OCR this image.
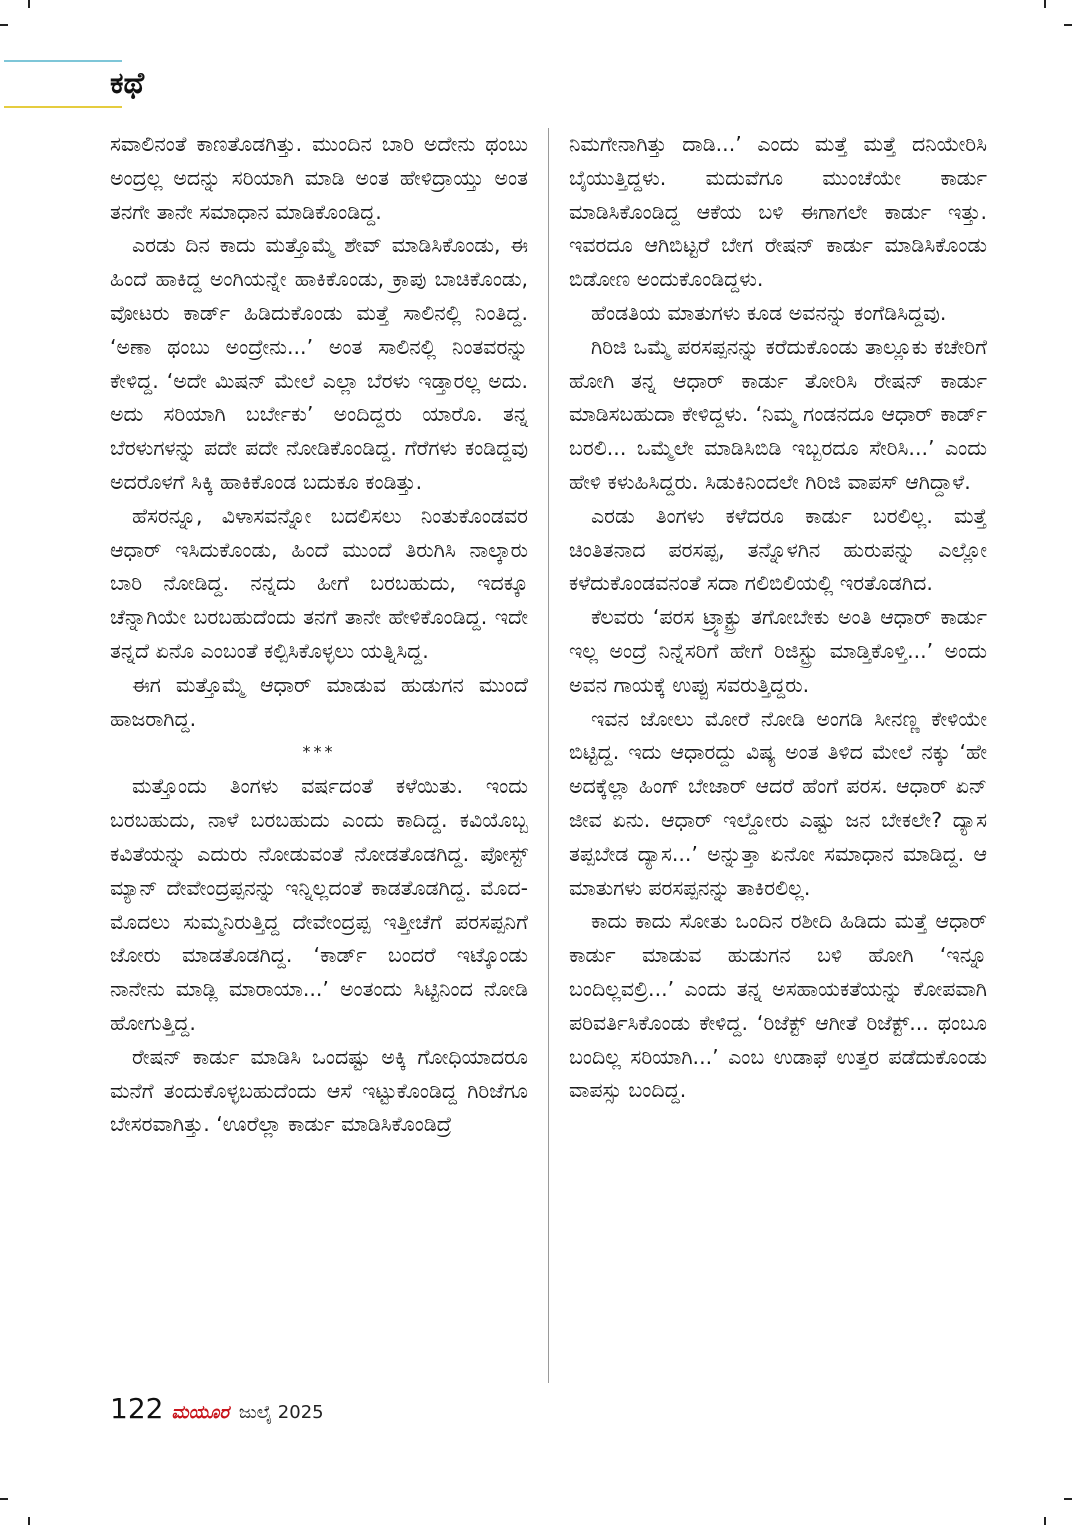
ಕಥೆ

ಸವಾಲಿನಂತೆ ಕಾಣತೊಡಗಿತ್ತು. ಮುಂದಿನ ಬಾರಿ ಅದೇನು ಥಂಬು ಅಂದ್ರಲ್ಲ ಅದನ್ನು ಸರಿಯಾಗಿ ಮಾಡಿ ಅಂತ ಹೇಳಿದ್ರಾಯ್ತು ಅಂತ ತನಗೇ ತಾನೇ ಸಮಾಧಾನ ಮಾಡಿಕೊಂಡಿದ್ದ.

ಎರಡು ದಿನ ಕಾದು ಮತ್ತೊಮ್ಮೆ ಶೇವ್ ಮಾಡಿಸಿಕೊಂಡು, ಈ ಹಿಂದೆ ಹಾಕಿದ್ದ ಅಂಗಿಯನ್ನೇ ಹಾಕಿಕೊಂಡು, ಕ್ರಾಪು ಬಾಚಿಕೊಂಡು, ವೋಟರು ಕಾರ್ಡ್ ಹಿಡಿದುಕೊಂಡು ಮತ್ತೆ ಸಾಲಿನಲ್ಲಿ ನಿಂತಿದ್ದ. ‘ಅಣಾ ಥಂಬು ಅಂದ್ರೇನು...’ ಅಂತ ಸಾಲಿನಲ್ಲಿ ನಿಂತವರನ್ನು ಕೇಳಿದ್ದ. ‘ಅದೇ ಮಿಷನ್ ಮೇಲೆ ಎಲ್ಲಾ ಬೆರಳು ಇಡ್ತಾರಲ್ಲ ಅದು. ಅದು ಸರಿಯಾಗಿ ಬರ್ಬೇಕು’ ಅಂದಿದ್ದರು ಯಾರೊ. ತನ್ನ ಬೆರಳುಗಳನ್ನು ಪದೇ ಪದೇ ನೋಡಿಕೊಂಡಿದ್ದ. ಗೆರೆಗಳು ಕಂಡಿದ್ದವು ಅದರೊಳಗೆ ಸಿಕ್ಕಿ ಹಾಕಿಕೊಂಡ ಬದುಕೂ ಕಂಡಿತ್ತು.

ಹೆಸರನ್ನೂ, ವಿಳಾಸವನ್ನೋ ಬದಲಿಸಲು ನಿಂತುಕೊಂಡವರ ಆಧಾರ್ ಇಸಿದುಕೊಂಡು, ಹಿಂದೆ ಮುಂದೆ ತಿರುಗಿಸಿ ನಾಲ್ಕಾರು ಬಾರಿ ನೋಡಿದ್ದ. ನನ್ನದು ಹೀಗೆ ಬರಬಹುದು, ಇದಕ್ಕೂ ಚೆನ್ನಾಗಿಯೇ ಬರಬಹುದೆಂದು ತನಗೆ ತಾನೇ ಹೇಳಿಕೊಂಡಿದ್ದ. ಇದೇ ತನ್ನದೆ ಏನೊ ಎಂಬಂತೆ ಕಲ್ಪಿಸಿಕೊಳ್ಳಲು ಯತ್ನಿಸಿದ್ದ.

ಈಗ ಮತ್ತೊಮ್ಮೆ ಆಧಾರ್ ಮಾಡುವ ಹುಡುಗನ ಮುಂದೆ ಹಾಜರಾಗಿದ್ದ.

***

ಮತ್ತೊಂದು ತಿಂಗಳು ವರ್ಷದಂತೆ ಕಳೆಯಿತು. ಇಂದು ಬರಬಹುದು, ನಾಳೆ ಬರಬಹುದು ಎಂದು ಕಾದಿದ್ದ. ಕವಿಯೊಬ್ಬ ಕವಿತೆಯನ್ನು ಎದುರು ನೋಡುವಂತೆ ನೋಡತೊಡಗಿದ್ದ. ಪೋಸ್ಟ್ ಮ್ಯಾನ್ ದೇವೇಂದ್ರಪ್ಪನನ್ನು ಇನ್ನಿಲ್ಲದಂತೆ ಕಾಡತೊಡಗಿದ್ದ. ಮೊದ-ಮೊದಲು ಸುಮ್ಮನಿರುತ್ತಿದ್ದ ದೇವೇಂದ್ರಪ್ಪ ಇತ್ತೀಚೆಗೆ ಪರಸಪ್ಪನಿಗೆ ಜೋರು ಮಾಡತೊಡಗಿದ್ದ. ‘ಕಾರ್ಡ್ ಬಂದರೆ ಇಟ್ಕೊಂಡು ನಾನೇನು ಮಾಡ್ಲಿ ಮಾರಾಯಾ...’ ಅಂತಂದು ಸಿಟ್ಟಿನಿಂದ ನೋಡಿ ಹೋಗುತ್ತಿದ್ದ.

ರೇಷನ್ ಕಾರ್ಡು ಮಾಡಿಸಿ ಒಂದಷ್ಟು ಅಕ್ಕಿ ಗೋಧಿಯಾದರೂ ಮನೆಗೆ ತಂದುಕೊಳ್ಳಬಹುದೆಂದು ಆಸೆ ಇಟ್ಟುಕೊಂಡಿದ್ದ ಗಿರಿಜೆಗೂ ಬೇಸರವಾಗಿತ್ತು. ‘ಊರೆಲ್ಲಾ ಕಾರ್ಡು ಮಾಡಿಸಿಕೊಂಡಿದ್ರೆ

ನಿಮಗೇನಾಗಿತ್ತು ದಾಡಿ...’ ಎಂದು ಮತ್ತೆ ಮತ್ತೆ ದನಿಯೇರಿಸಿ ಬೈಯುತ್ತಿದ್ದಳು. ಮದುವೆಗೂ ಮುಂಚೆಯೇ ಕಾರ್ಡು ಮಾಡಿಸಿಕೊಂಡಿದ್ದ ಆಕೆಯ ಬಳಿ ಈಗಾಗಲೇ ಕಾರ್ಡು ಇತ್ತು. ಇವರದೂ ಆಗಿಬಿಟ್ಟರೆ ಬೇಗ ರೇಷನ್ ಕಾರ್ಡು ಮಾಡಿಸಿಕೊಂಡು ಬಿಡೋಣ ಅಂದುಕೊಂಡಿದ್ದಳು.

ಹೆಂಡತಿಯ ಮಾತುಗಳು ಕೂಡ ಅವನನ್ನು ಕಂಗೆಡಿಸಿದ್ದವು.

ಗಿರಿಜಿ ಒಮ್ಮೆ ಪರಸಪ್ಪನನ್ನು ಕರೆದುಕೊಂಡು ತಾಲ್ಲೂಕು ಕಚೇರಿಗೆ ಹೋಗಿ ತನ್ನ ಆಧಾರ್ ಕಾರ್ಡು ತೋರಿಸಿ ರೇಷನ್ ಕಾರ್ಡು ಮಾಡಿಸಬಹುದಾ ಕೇಳಿದ್ದಳು. ‘ನಿಮ್ಮ ಗಂಡನದೂ ಆಧಾರ್ ಕಾರ್ಡ್ ಬರಲಿ... ಒಮ್ಮೆಲೇ ಮಾಡಿಸಿಬಿಡಿ ಇಬ್ಬರದೂ ಸೇರಿಸಿ...’ ಎಂದು ಹೇಳಿ ಕಳುಹಿಸಿದ್ದರು. ಸಿಡುಕಿನಿಂದಲೇ ಗಿರಿಜಿ ವಾಪಸ್ ಆಗಿದ್ದಾಳೆ.

ಎರಡು ತಿಂಗಳು ಕಳೆದರೂ ಕಾರ್ಡು ಬರಲಿಲ್ಲ. ಮತ್ತೆ ಚಿಂತಿತನಾದ ಪರಸಪ್ಪ, ತನ್ನೊಳಗಿನ ಹುರುಪನ್ನು ಎಲ್ಲೋ ಕಳೆದುಕೊಂಡವನಂತೆ ಸದಾ ಗಲಿಬಿಲಿಯಲ್ಲಿ ಇರತೊಡಗಿದ.

ಕೆಲವರು ‘ಪರಸ ಟ್ರ್ಯಾಕ್ಟ್ರು ತಗೋಬೇಕು ಅಂತಿ ಆಧಾರ್ ಕಾರ್ಡು ಇಲ್ಲ ಅಂದ್ರೆ ನಿನ್ನೆಸರಿಗೆ ಹೇಗೆ ರಿಜಿಸ್ಟ್ರು ಮಾಡ್ತಿಕೊಳ್ತಿ...’ ಅಂದು ಅವನ ಗಾಯಕ್ಕೆ ಉಪ್ಪು ಸವರುತ್ತಿದ್ದರು.

ಇವನ ಜೋಲು ಮೋರೆ ನೋಡಿ ಅಂಗಡಿ ಸೀನಣ್ಣ ಕೇಳಿಯೇ ಬಿಟ್ಟಿದ್ದ. ಇದು ಆಧಾರದ್ದು ವಿಷ್ಯ ಅಂತ ತಿಳಿದ ಮೇಲೆ ನಕ್ಕು ‘ಹೇ ಅದಕ್ಕೆಲ್ಲಾ ಹಿಂಗ್ ಬೇಜಾರ್ ಆದರೆ ಹೆಂಗೆ ಪರಸ. ಆಧಾರ್ ಏನ್ ಜೀವ ಏನು. ಆಧಾರ್ ಇಲ್ದೋರು ಎಷ್ಟು ಜನ ಬೇಕಲೇ? ದ್ಯಾಸ ತಪ್ಪಬೇಡ ದ್ಯಾಸ...’ ಅನ್ನುತ್ತಾ ಏನೋ ಸಮಾಧಾನ ಮಾಡಿದ್ದ. ಆ ಮಾತುಗಳು ಪರಸಪ್ಪನನ್ನು ತಾಕಿರಲಿಲ್ಲ.

ಕಾದು ಕಾದು ಸೋತು ಒಂದಿನ ರಶೀದಿ ಹಿಡಿದು ಮತ್ತೆ ಆಧಾರ್ ಕಾರ್ಡು ಮಾಡುವ ಹುಡುಗನ ಬಳಿ ಹೋಗಿ ‘ಇನ್ನೂ ಬಂದಿಲ್ಲವಲ್ರಿ...’ ಎಂದು ತನ್ನ ಅಸಹಾಯಕತೆಯನ್ನು ಕೋಪವಾಗಿ ಪರಿವರ್ತಿಸಿಕೊಂಡು ಕೇಳಿದ್ದ. ‘ರಿಜೆಕ್ಟ್ ಆಗೀತೆ ರಿಜೆಕ್ಟ್... ಥಂಬೂ ಬಂದಿಲ್ಲ ಸರಿಯಾಗಿ...’ ಎಂಬ ಉಡಾಫೆ ಉತ್ತರ ಪಡೆದುಕೊಂಡು ವಾಪಸ್ಸು ಬಂದಿದ್ದ.

122 ಮಯೂರ ಜುಲೈ 2025
